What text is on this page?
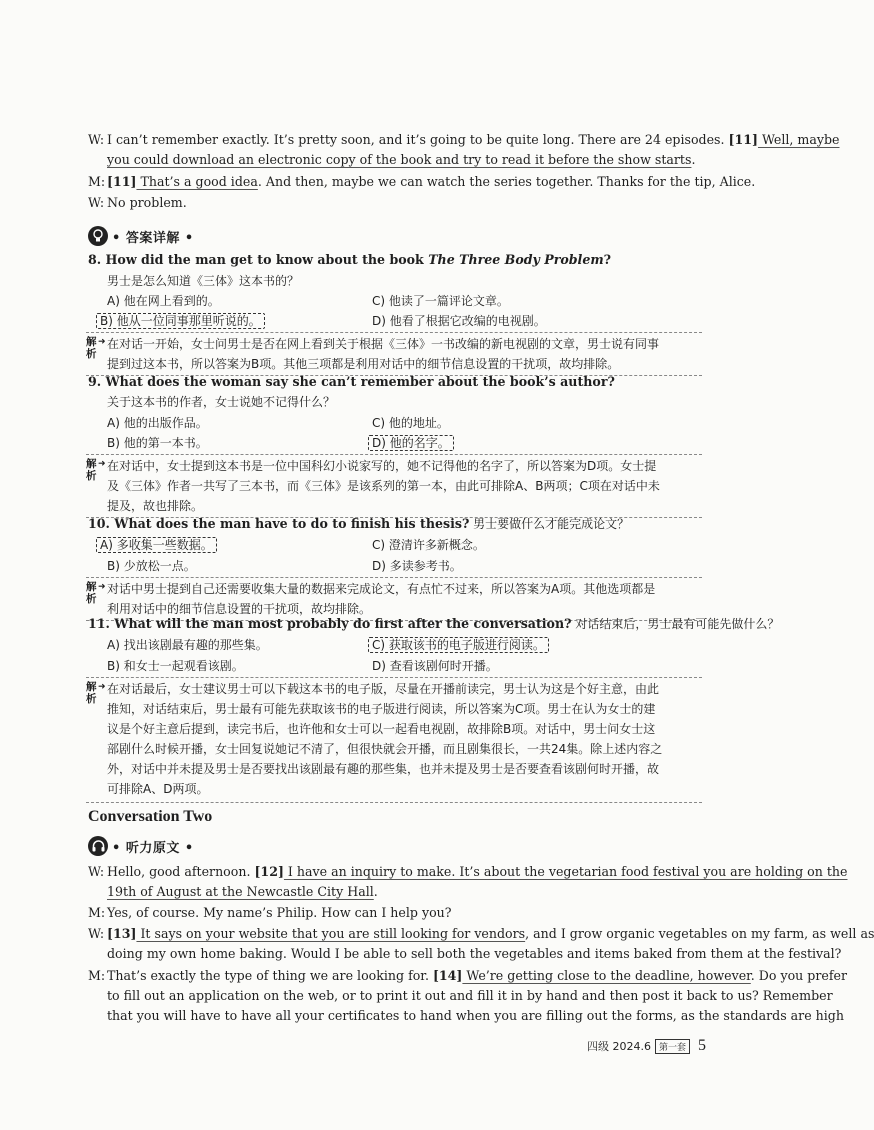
W: I can’t remember exactly. It’s pretty soon, and it’s going to be quite long. There are 24 episodes. [11] Well, maybe
you could download an electronic copy of the book and try to read it before the show starts.
M: [11] That’s a good idea. And then, maybe we can watch the series together. Thanks for the tip, Alice.
W: No problem.
• 答案详解 •
8. How did the man get to know about the book The Three Body Problem?
男士是怎么知道《三体》这本书的？
A) 他在网上看到的。	C) 他读了一篇评论文章。
B) 他从一位同事那里听说的。	D) 他看了根据它改编的电视剧。
解析
➜ 在对话一开始，女士问男士是否在网上看到关于根据《三体》一书改编的新电视剧的文章，男士说有同事
提到过这本书，所以答案为B项。其他三项都是利用对话中的细节信息设置的干扰项，故均排除。
9. What does the woman say she can’t remember about the book’s author?
关于这本书的作者，女士说她不记得什么？
A) 他的出版作品。	C) 他的地址。
B) 他的第一本书。	D) 他的名字。
解析
➜ 在对话中，女士提到这本书是一位中国科幻小说家写的，她不记得他的名字了，所以答案为D项。女士提
及《三体》作者一共写了三本书，而《三体》是该系列的第一本，由此可排除A、B两项；C项在对话中未
提及，故也排除。
10. What does the man have to do to finish his thesis? 男士要做什么才能完成论文？
A) 多收集一些数据。	C) 澄清许多新概念。
B) 少放松一点。	D) 多读参考书。
解析
➜ 对话中男士提到自己还需要收集大量的数据来完成论文，有点忙不过来，所以答案为A项。其他选项都是
利用对话中的细节信息设置的干扰项，故均排除。
11. What will the man most probably do first after the conversation? 对话结束后，男士最有可能先做什么？
A) 找出该剧最有趣的那些集。	C) 获取该书的电子版进行阅读。
B) 和女士一起观看该剧。	D) 查看该剧何时开播。
解析
➜ 在对话最后，女士建议男士可以下载这本书的电子版，尽量在开播前读完，男士认为这是个好主意，由此
推知，对话结束后，男士最有可能先获取该书的电子版进行阅读，所以答案为C项。男士在认为女士的建
议是个好主意后提到，读完书后，也许他和女士可以一起看电视剧，故排除B项。对话中，男士问女士这
部剧什么时候开播，女士回复说她记不清了，但很快就会开播，而且剧集很长，一共24集。除上述内容之
外，对话中并未提及男士是否要找出该剧最有趣的那些集，也并未提及男士是否要查看该剧何时开播，故
可排除A、D两项。
Conversation Two
• 听力原文 •
W: Hello, good afternoon. [12] I have an inquiry to make. It’s about the vegetarian food festival you are holding on the
19th of August at the Newcastle City Hall.
M: Yes, of course. My name’s Philip. How can I help you?
W: [13] It says on your website that you are still looking for vendors, and I grow organic vegetables on my farm, as well as
doing my own home baking. Would I be able to sell both the vegetables and items baked from them at the festival?
M: That’s exactly the type of thing we are looking for. [14] We’re getting close to the deadline, however. Do you prefer
to fill out an application on the web, or to print it out and fill it in by hand and then post it back to us? Remember
that you will have to have all your certificates to hand when you are filling out the forms, as the standards are high
四级 2024.6 第一套 5
